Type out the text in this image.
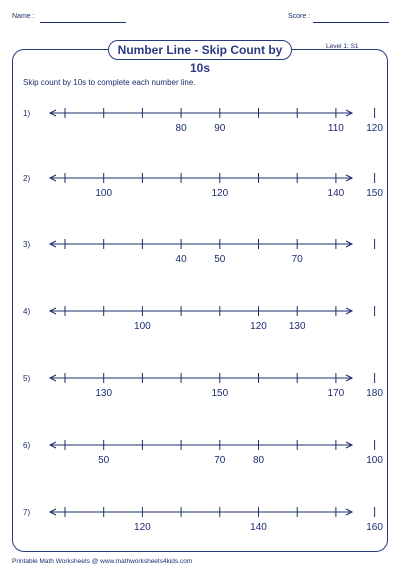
Name :	Score :
Number Line - Skip Count by 10s
Level 1: S1
Skip count by 10s to complete each number line.
1)
80	90	110 120
2)
100	120	140 150
3)
40	50	70
4)
100	120 130
5)
130	150	170 180
6)
50	70	80	100
7)
120	140	160
Printable Math Worksheets @ www.mathworksheets4kids.com
